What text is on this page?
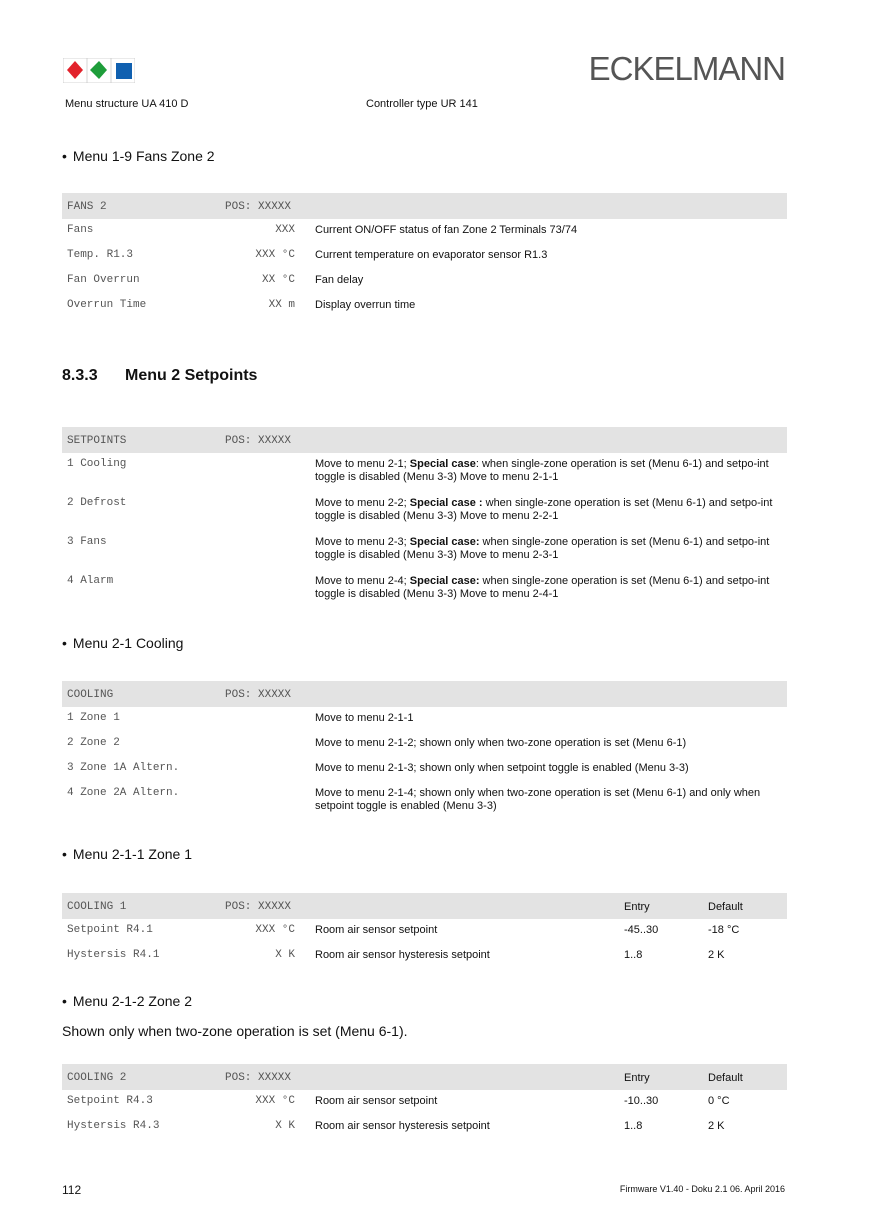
ECKELMANN
Menu structure UA 410 D	Controller type UR 141
• Menu 1-9 Fans Zone 2
FANS 2	POS: XXXXX
Fans	XXX Current ON/OFF status of fan Zone 2 Terminals 73/74
Temp. R1.3	XXX °C Current temperature on evaporator sensor R1.3
Fan Overrun	XX °C Fan delay
Overrun Time	XX m Display overrun time
8.3.3 Menu 2 Setpoints
SETPOINTS	POS: XXXXX
1 Cooling	Move to menu 2-1; Special case: when single-zone operation is set (Menu 6-1) and setpo-int toggle is disabled (Menu 3-3) Move to menu 2-1-1
2 Defrost	Move to menu 2-2; Special case : when single-zone operation is set (Menu 6-1) and setpo-int toggle is disabled (Menu 3-3) Move to menu 2-2-1
3 Fans	Move to menu 2-3; Special case: when single-zone operation is set (Menu 6-1) and setpo-int toggle is disabled (Menu 3-3) Move to menu 2-3-1
4 Alarm	Move to menu 2-4; Special case: when single-zone operation is set (Menu 6-1) and setpo-int toggle is disabled (Menu 3-3) Move to menu 2-4-1
• Menu 2-1 Cooling
COOLING	POS: XXXXX
1 Zone 1	Move to menu 2-1-1
2 Zone 2	Move to menu 2-1-2; shown only when two-zone operation is set (Menu 6-1)
3 Zone 1A Altern.	Move to menu 2-1-3; shown only when setpoint toggle is enabled (Menu 3-3)
4 Zone 2A Altern.	Move to menu 2-1-4; shown only when two-zone operation is set (Menu 6-1) and only when setpoint toggle is enabled (Menu 3-3)
• Menu 2-1-1 Zone 1
COOLING 1	POS: XXXXX	Entry	Default
Setpoint R4.1	XXX °C Room air sensor setpoint	-45..30	-18 °C
Hystersis R4.1	X K Room air sensor hysteresis setpoint	1..8	2 K
• Menu 2-1-2 Zone 2
Shown only when two-zone operation is set (Menu 6-1).
COOLING 2	POS: XXXXX	Entry	Default
Setpoint R4.3	XXX °C Room air sensor setpoint	-10..30	0 °C
Hystersis R4.3	X K Room air sensor hysteresis setpoint	1..8	2 K
112	Firmware V1.40 - Doku 2.1 06. April 2016
